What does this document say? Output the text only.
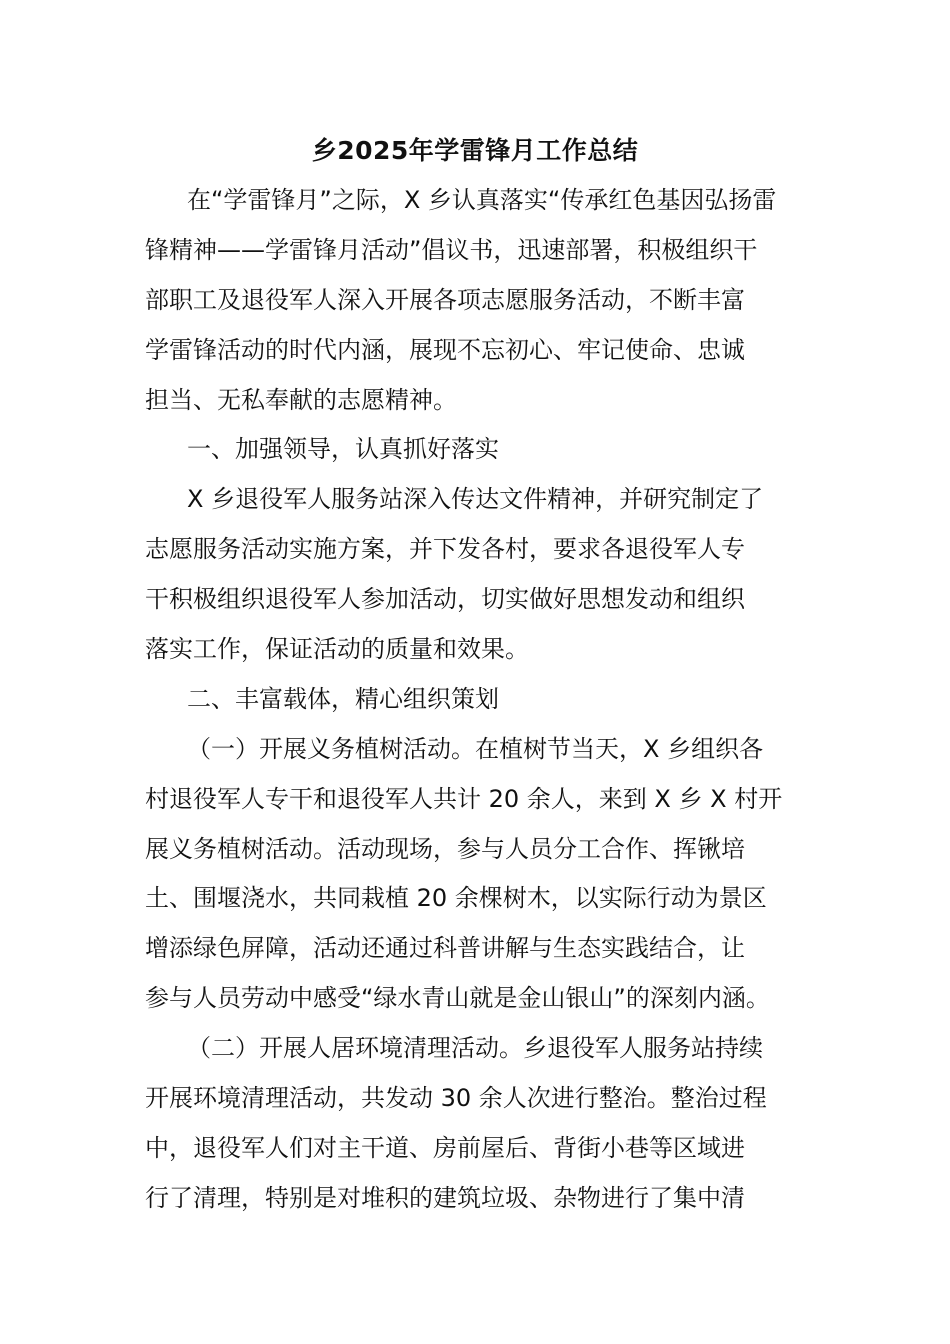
乡2025年学雷锋月工作总结
在“学雷锋月”之际，X 乡认真落实“传承红色基因弘扬雷
锋精神——学雷锋月活动”倡议书，迅速部署，积极组织干
部职工及退役军人深入开展各项志愿服务活动，不断丰富
学雷锋活动的时代内涵，展现不忘初心、牢记使命、忠诚
担当、无私奉献的志愿精神。
一、加强领导，认真抓好落实
X 乡退役军人服务站深入传达文件精神，并研究制定了
志愿服务活动实施方案，并下发各村，要求各退役军人专
干积极组织退役军人参加活动，切实做好思想发动和组织
落实工作，保证活动的质量和效果。
二、丰富载体，精心组织策划
（一）开展义务植树活动。在植树节当天，X 乡组织各
村退役军人专干和退役军人共计 20 余人，来到 X 乡 X 村开
展义务植树活动。活动现场，参与人员分工合作、挥锹培
土、围堰浇水，共同栽植 20 余棵树木，以实际行动为景区
增添绿色屏障，活动还通过科普讲解与生态实践结合，让
参与人员劳动中感受“绿水青山就是金山银山”的深刻内涵。
（二）开展人居环境清理活动。乡退役军人服务站持续
开展环境清理活动，共发动 30 余人次进行整治。整治过程
中，退役军人们对主干道、房前屋后、背街小巷等区域进
行了清理，特别是对堆积的建筑垃圾、杂物进行了集中清
